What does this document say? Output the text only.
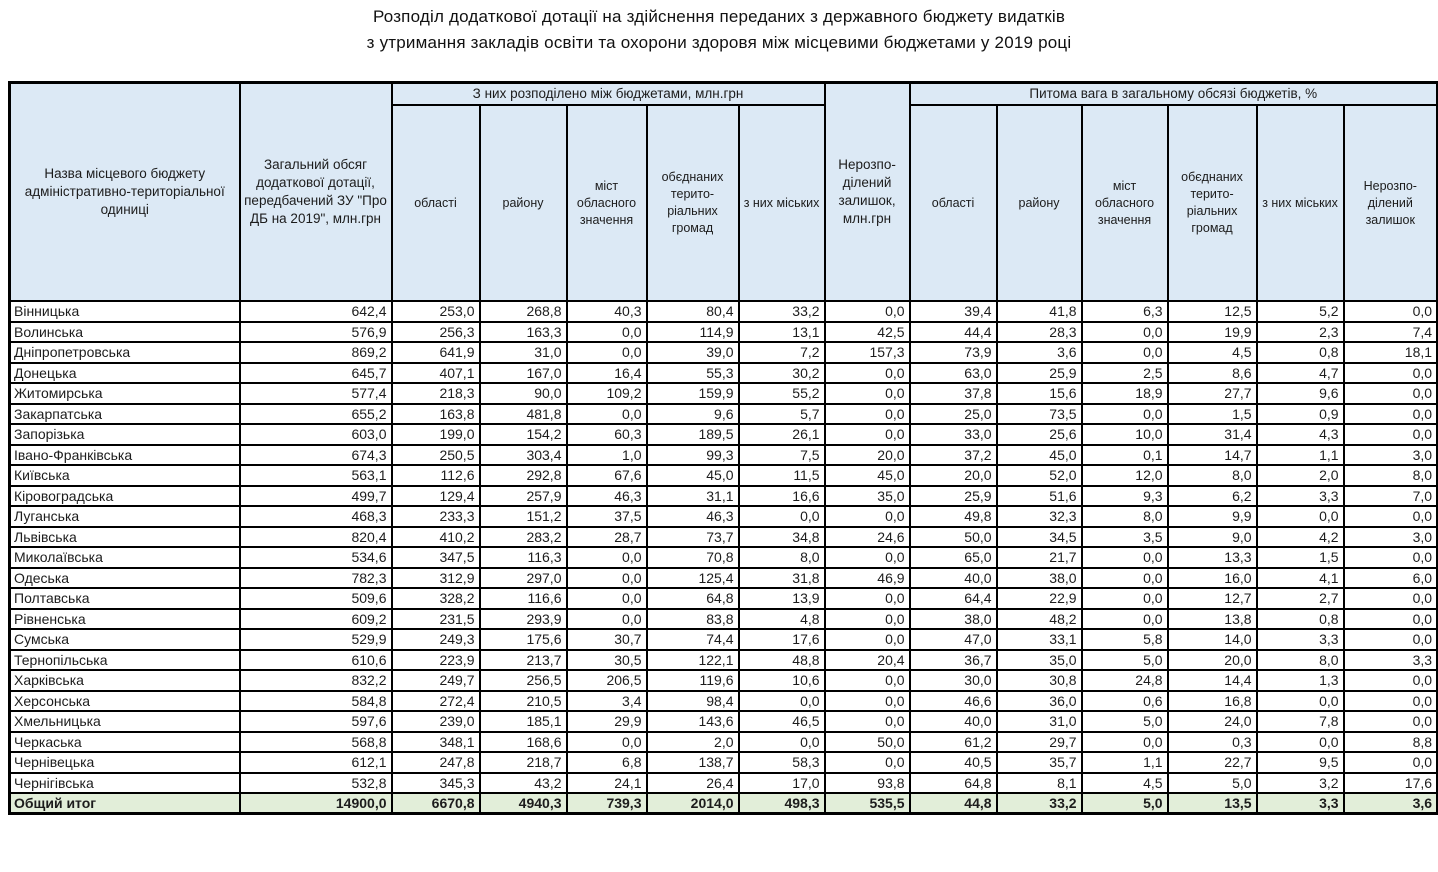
Розподіл додаткової дотації на здійснення переданих з державного бюджету видатків
з утримання закладів освіти та охорони здоровя між місцевими бюджетами у 2019 році
Назва місцевого бюджету адміністративно-територіальної одиниці	Загальний обсяг додаткової дотації, передбачений ЗУ "Про ДБ на 2019", млн.грн	З них розподілено між бюджетами, млн.грн					Нерозпо-ділений залишок, млн.грн	Питома вага в загальному обсязі бюджетів, %					
		області	району	міст обласного значення	обєднаних терито-ріальних громад	з них міських		області	району	міст обласного значення	обєднаних терито-ріальних громад	з них міських	Нерозпо-ділений залишок
Вінницька	642,4	253,0	268,8	40,3	80,4	33,2	0,0	39,4	41,8	6,3	12,5	5,2	0,0
Волинська	576,9	256,3	163,3	0,0	114,9	13,1	42,5	44,4	28,3	0,0	19,9	2,3	7,4
Дніпропетровська	869,2	641,9	31,0	0,0	39,0	7,2	157,3	73,9	3,6	0,0	4,5	0,8	18,1
Донецька	645,7	407,1	167,0	16,4	55,3	30,2	0,0	63,0	25,9	2,5	8,6	4,7	0,0
Житомирська	577,4	218,3	90,0	109,2	159,9	55,2	0,0	37,8	15,6	18,9	27,7	9,6	0,0
Закарпатська	655,2	163,8	481,8	0,0	9,6	5,7	0,0	25,0	73,5	0,0	1,5	0,9	0,0
Запорізька	603,0	199,0	154,2	60,3	189,5	26,1	0,0	33,0	25,6	10,0	31,4	4,3	0,0
Івано-Франківська	674,3	250,5	303,4	1,0	99,3	7,5	20,0	37,2	45,0	0,1	14,7	1,1	3,0
Київська	563,1	112,6	292,8	67,6	45,0	11,5	45,0	20,0	52,0	12,0	8,0	2,0	8,0
Кіровоградська	499,7	129,4	257,9	46,3	31,1	16,6	35,0	25,9	51,6	9,3	6,2	3,3	7,0
Луганська	468,3	233,3	151,2	37,5	46,3	0,0	0,0	49,8	32,3	8,0	9,9	0,0	0,0
Львівська	820,4	410,2	283,2	28,7	73,7	34,8	24,6	50,0	34,5	3,5	9,0	4,2	3,0
Миколаївська	534,6	347,5	116,3	0,0	70,8	8,0	0,0	65,0	21,7	0,0	13,3	1,5	0,0
Одеська	782,3	312,9	297,0	0,0	125,4	31,8	46,9	40,0	38,0	0,0	16,0	4,1	6,0
Полтавська	509,6	328,2	116,6	0,0	64,8	13,9	0,0	64,4	22,9	0,0	12,7	2,7	0,0
Рівненська	609,2	231,5	293,9	0,0	83,8	4,8	0,0	38,0	48,2	0,0	13,8	0,8	0,0
Сумська	529,9	249,3	175,6	30,7	74,4	17,6	0,0	47,0	33,1	5,8	14,0	3,3	0,0
Тернопільська	610,6	223,9	213,7	30,5	122,1	48,8	20,4	36,7	35,0	5,0	20,0	8,0	3,3
Харківська	832,2	249,7	256,5	206,5	119,6	10,6	0,0	30,0	30,8	24,8	14,4	1,3	0,0
Херсонська	584,8	272,4	210,5	3,4	98,4	0,0	0,0	46,6	36,0	0,6	16,8	0,0	0,0
Хмельницька	597,6	239,0	185,1	29,9	143,6	46,5	0,0	40,0	31,0	5,0	24,0	7,8	0,0
Черкаська	568,8	348,1	168,6	0,0	2,0	0,0	50,0	61,2	29,7	0,0	0,3	0,0	8,8
Чернівецька	612,1	247,8	218,7	6,8	138,7	58,3	0,0	40,5	35,7	1,1	22,7	9,5	0,0
Чернігівська	532,8	345,3	43,2	24,1	26,4	17,0	93,8	64,8	8,1	4,5	5,0	3,2	17,6
Общий итог	14900,0	6670,8	4940,3	739,3	2014,0	498,3	535,5	44,8	33,2	5,0	13,5	3,3	3,6
